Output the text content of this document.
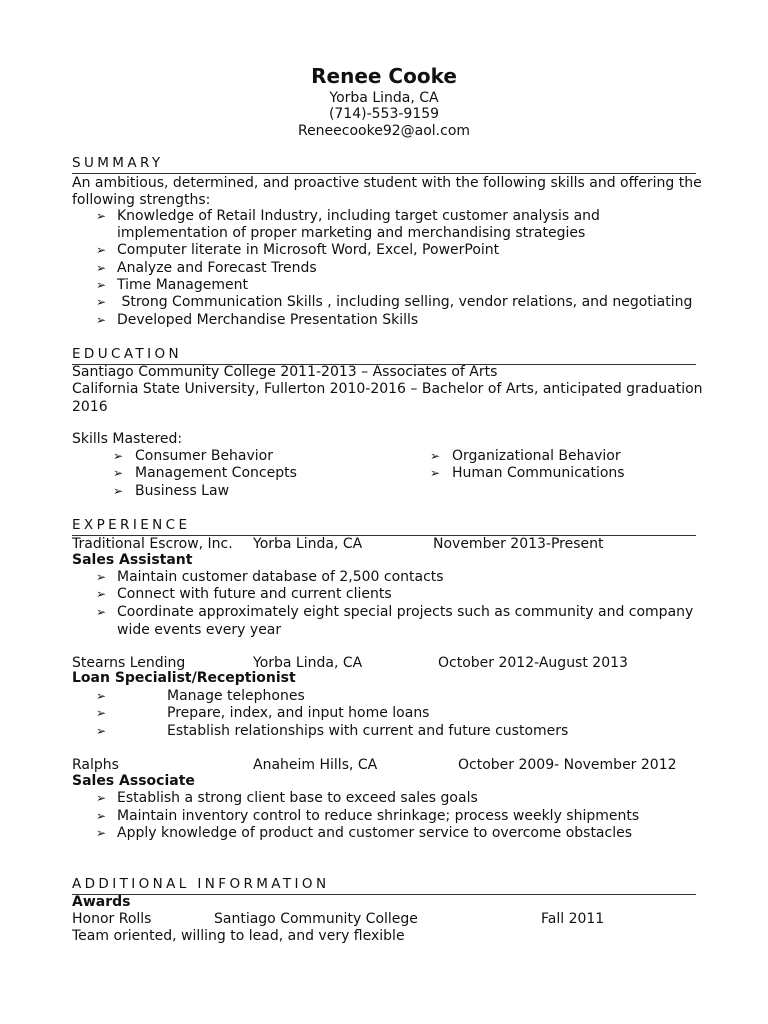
Renee Cooke
Yorba Linda, CA
(714)-553-9159
Reneecooke92@aol.com
SUMMARY
An ambitious, determined, and proactive student with the following skills and offering the
following strengths:
➢ Knowledge of Retail Industry, including target customer analysis and
implementation of proper marketing and merchandising strategies
➢ Computer literate in Microsoft Word, Excel, PowerPoint
➢ Analyze and Forecast Trends
➢ Time Management
➢ Strong Communication Skills , including selling, vendor relations, and negotiating
➢ Developed Merchandise Presentation Skills
EDUCATION
Santiago Community College 2011-2013 – Associates of Arts
California State University, Fullerton 2010-2016 – Bachelor of Arts, anticipated graduation
2016
Skills Mastered:
➢ Consumer Behavior
➢ Management Concepts
➢ Business Law
➢ Organizational Behavior
➢ Human Communications
EXPERIENCE
Traditional Escrow, Inc. Yorba Linda, CA	November 2013-Present
Sales Assistant
➢ Maintain customer database of 2,500 contacts
➢ Connect with future and current clients
➢ Coordinate approximately eight special projects such as community and company
wide events every year
Stearns Lending	Yorba Linda, CA	October 2012-August 2013
Loan Specialist/Receptionist
➢	Manage telephones
➢	Prepare, index, and input home loans
➢	Establish relationships with current and future customers
Ralphs	Anaheim Hills, CA	October 2009- November 2012
Sales Associate
➢ Establish a strong client base to exceed sales goals
➢ Maintain inventory control to reduce shrinkage; process weekly shipments
➢ Apply knowledge of product and customer service to overcome obstacles
ADDITIONAL INFORMATION
Awards
Honor Rolls	Santiago Community College	Fall 2011
Team oriented, willing to lead, and very flexible
